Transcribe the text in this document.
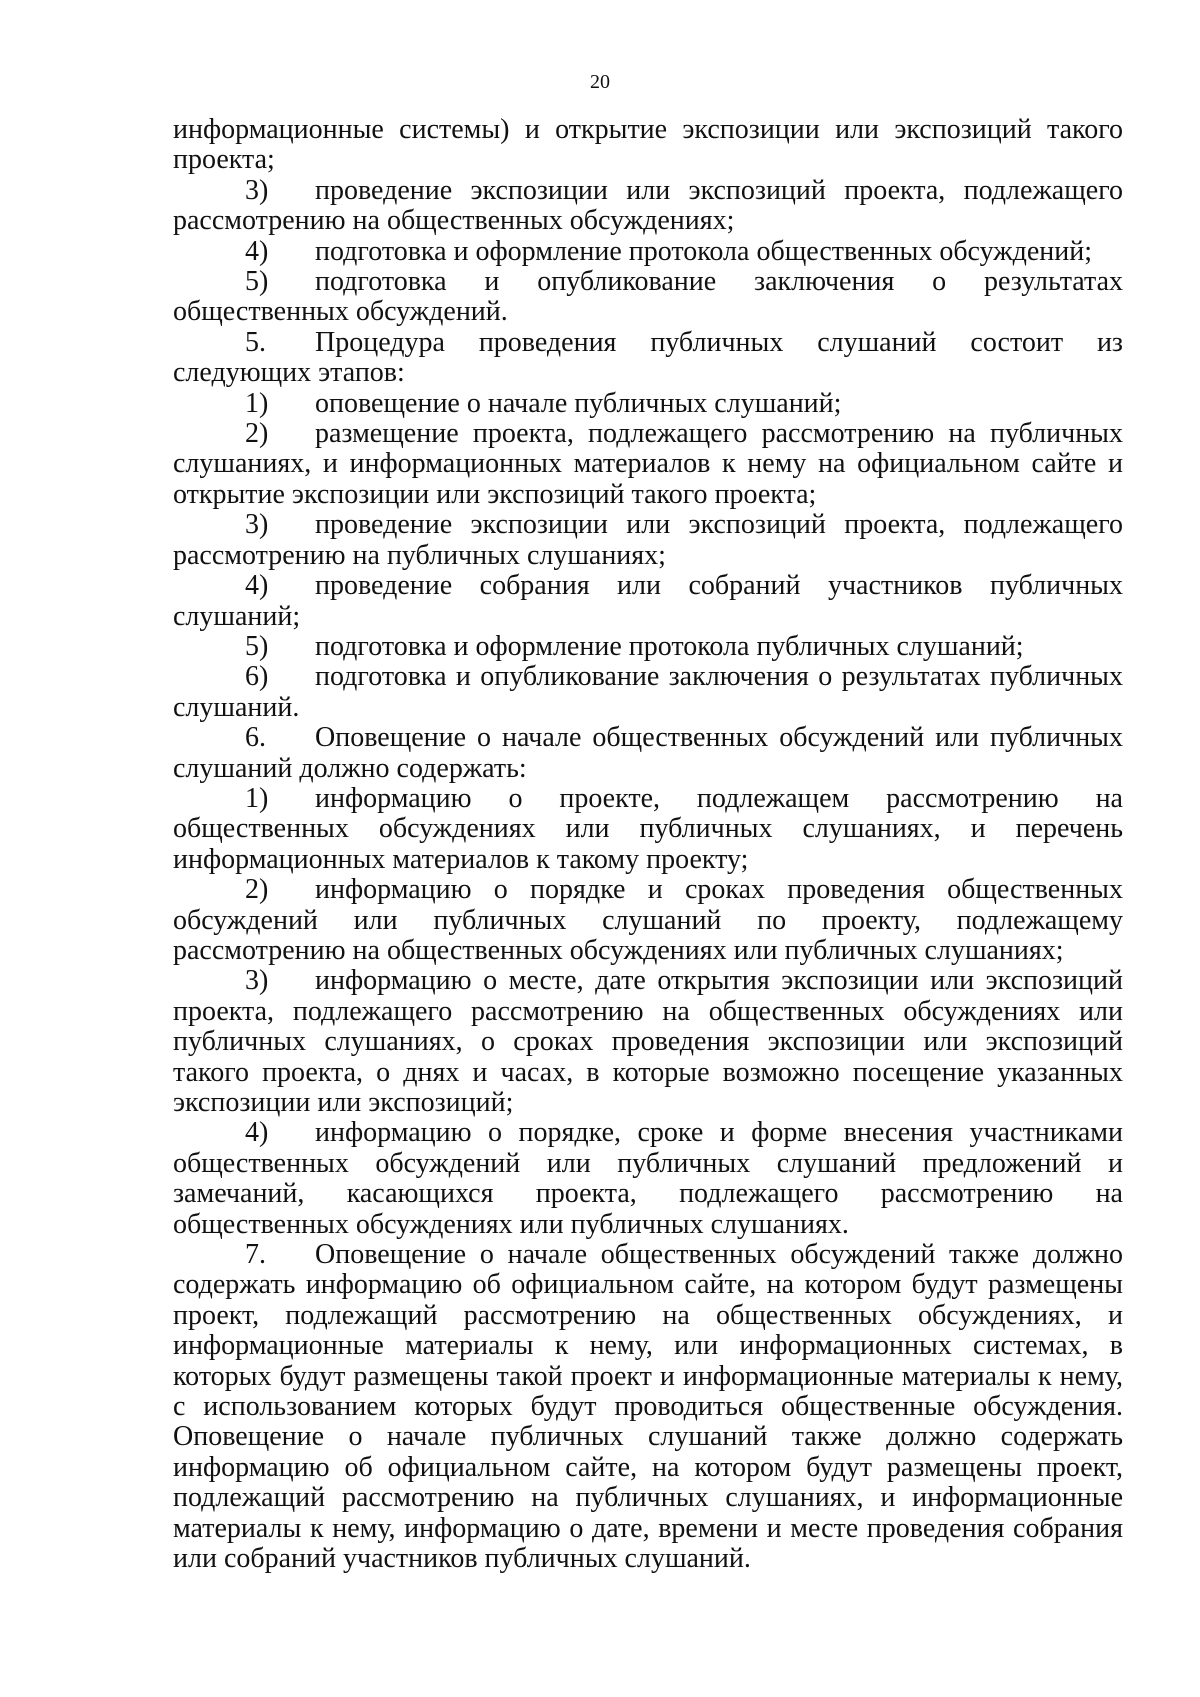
20

информационные системы) и открытие экспозиции или экспозиций такого проекта;

3) проведение экспозиции или экспозиций проекта, подлежащего рассмотрению на общественных обсуждениях;

4) подготовка и оформление протокола общественных обсуждений;

5) подготовка и опубликование заключения о результатах общественных обсуждений.

5. Процедура проведения публичных слушаний состоит из следующих этапов:

1) оповещение о начале публичных слушаний;

2) размещение проекта, подлежащего рассмотрению на публичных слушаниях, и информационных материалов к нему на официальном сайте и открытие экспозиции или экспозиций такого проекта;

3) проведение экспозиции или экспозиций проекта, подлежащего рассмотрению на публичных слушаниях;

4) проведение собрания или собраний участников публичных слушаний;

5) подготовка и оформление протокола публичных слушаний;

6) подготовка и опубликование заключения о результатах публичных слушаний.

6. Оповещение о начале общественных обсуждений или публичных слушаний должно содержать:

1) информацию о проекте, подлежащем рассмотрению на общественных обсуждениях или публичных слушаниях, и перечень информационных материалов к такому проекту;

2) информацию о порядке и сроках проведения общественных обсуждений или публичных слушаний по проекту, подлежащему рассмотрению на общественных обсуждениях или публичных слушаниях;

3) информацию о месте, дате открытия экспозиции или экспозиций проекта, подлежащего рассмотрению на общественных обсуждениях или публичных слушаниях, о сроках проведения экспозиции или экспозиций такого проекта, о днях и часах, в которые возможно посещение указанных экспозиции или экспозиций;

4) информацию о порядке, сроке и форме внесения участниками общественных обсуждений или публичных слушаний предложений и замечаний, касающихся проекта, подлежащего рассмотрению на общественных обсуждениях или публичных слушаниях.

7. Оповещение о начале общественных обсуждений также должно содержать информацию об официальном сайте, на котором будут размещены проект, подлежащий рассмотрению на общественных обсуждениях, и информационные материалы к нему, или информационных системах, в которых будут размещены такой проект и информационные материалы к нему, с использованием которых будут проводиться общественные обсуждения. Оповещение о начале публичных слушаний также должно содержать информацию об официальном сайте, на котором будут размещены проект, подлежащий рассмотрению на публичных слушаниях, и информационные материалы к нему, информацию о дате, времени и месте проведения собрания или собраний участников публичных слушаний.
